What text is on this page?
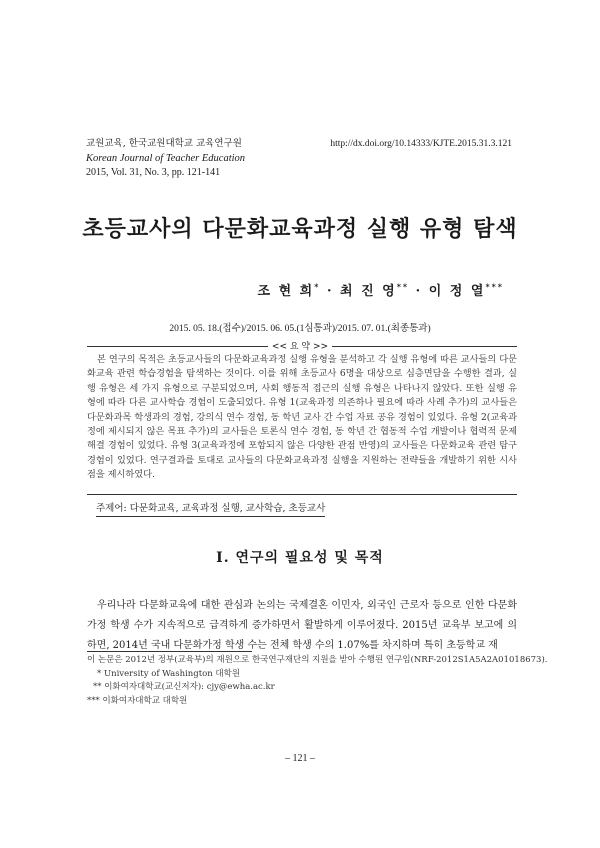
교원교육, 한국교원대학교 교육연구원
Korean Journal of Teacher Education
2015, Vol. 31, No. 3, pp. 121-141
http://dx.doi.org/10.14333/KJTE.2015.31.3.121
초등교사의 다문화교육과정 실행 유형 탐색
조 현 희* · 최 진 영** · 이 정 열***
2015. 05. 18.(접수)/2015. 06. 05.(1심통과)/2015. 07. 01.(최종통과)
<< 요 약 >>
본 연구의 목적은 초등교사들의 다문화교육과정 실행 유형을 분석하고 각 실행 유형에 따른 교사들의 다문화교육 관련 학습경험을 탐색하는 것이다. 이를 위해 초등교사 6명을 대상으로 심층면담을 수행한 결과, 실행 유형은 세 가지 유형으로 구분되었으며, 사회 행동적 접근의 실행 유형은 나타나지 않았다. 또한 실행 유형에 따라 다른 교사학습 경험이 도출되었다. 유형 1(교육과정 의존하나 필요에 따라 사례 추가)의 교사들은 다문화과목 학생과의 경험, 강의식 연수 경험, 동 학년 교사 간 수업 자료 공유 경험이 있었다. 유형 2(교육과정에 제시되지 않은 목표 추가)의 교사들은 토론식 연수 경험, 동 학년 간 협동적 수업 개발이나 협력적 문제해결 경험이 있었다. 유형 3(교육과정에 포함되지 않은 다양한 관점 반영)의 교사들은 다문화교육 관련 탐구 경험이 있었다. 연구결과를 토대로 교사들의 다문화교육과정 실행을 지원하는 전략들을 개발하기 위한 시사점을 제시하였다.
주제어: 다문화교육, 교육과정 실행, 교사학습, 초등교사
Ⅰ. 연구의 필요성 및 목적
우리나라 다문화교육에 대한 관심과 논의는 국제결혼 이민자, 외국인 근로자 등으로 인한 다문화가정 학생 수가 지속적으로 급격하게 증가하면서 활발하게 이루어졌다. 2015년 교육부 보고에 의하면, 2014년 국내 다문화가정 학생 수는 전체 학생 수의 1.07%를 차지하며 특히 초등학교 재
이 논문은 2012년 정부(교육부)의 재원으로 한국연구재단의 지원을 받아 수행된 연구임(NRF-2012S1A5A2A01018673).
* University of Washington 대학원
** 이화여자대학교(교신저자): cjy@ewha.ac.kr
*** 이화여자대학교 대학원
– 121 –
